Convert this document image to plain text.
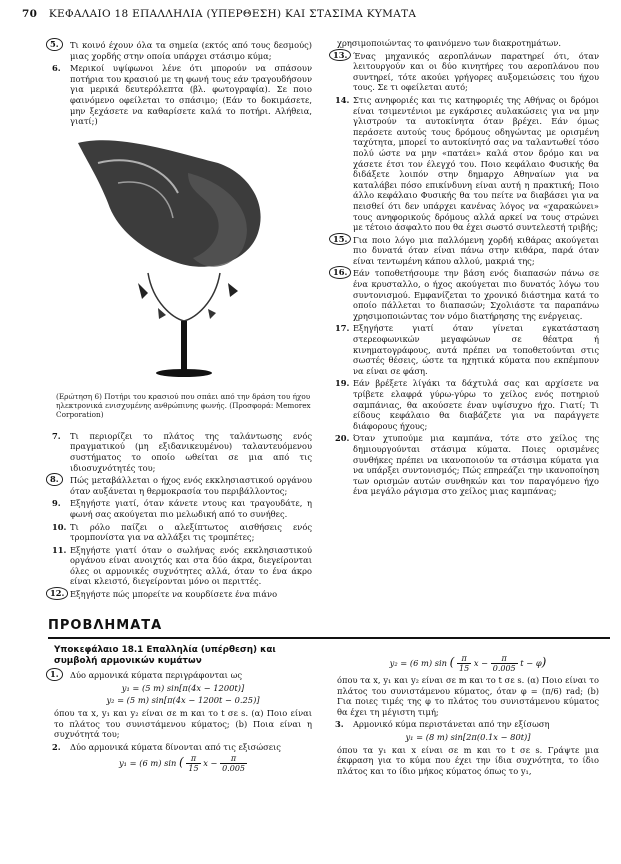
70 ΚΕΦΑΛΑΙΟ 18 ΕΠΑΛΛΗΛΙΑ (ΥΠΕΡΘΕΣΗ) ΚΑΙ ΣΤΑΣΙΜΑ ΚΥΜΑΤΑ
5.	Τι κοινό έχουν όλα τα σημεία (εκτός από τους δεσμούς) μιας χορδής στην οποία υπάρχει στάσιμο κύμα;
6. Μερικοί υψίφωνοι λένε ότι μπορούν να σπάσουν ποτήρια του κρασιού με τη φωνή τους εάν τραγουδήσουν για μερικά δευτερόλεπτα (βλ. φωτογραφία). Σε ποιο φαινόμενο οφείλεται το σπάσιμο; (Εάν το δοκιμάσετε, μην ξεχάσετε να καθαρίσετε καλά το ποτήρι. Αλήθεια, γιατί;)
(Ερώτηση 6) Ποτήρι του κρασιού που σπάει από την δράση του ήχου ηλεκτρονικά ενισχυμένης ανθρώπινης φωνής. (Προσφορά: Memorex Corporation)
7. Τι περιορίζει το πλάτος της ταλάντωσης ενός πραγματικού (μη εξιδανικευμένου) ταλαντευόμενου συστήματος το οποίο ωθείται σε μια από τις ιδιοσυχνότητές του;
8.	Πώς μεταβάλλεται ο ήχος ενός εκκλησιαστικού οργάνου όταν αυξάνεται η θερμοκρασία του περιβάλλοντος;
9. Εξηγήστε γιατί, όταν κάνετε ντους και τραγουδάτε, η φωνή σας ακούγεται πιο μελωδική από το συνήθες.
10. Τι ρόλο παίζει ο αλεξίπτωτος αισθήσεις ενός τρομπονίστα για να αλλάξει τις τρομπέτες;
11. Εξηγήστε γιατί όταν ο σωλήνας ενός εκκλησιαστικού οργάνου είναι ανοιχτός και στα δύο άκρα, διεγείρονται όλες οι αρμονικές συχνότητες αλλά, όταν το ένα άκρο είναι κλειστό, διεγείρονται μόνο οι περιττές.
12. Εξηγήστε πώς μπορείτε να κουρδίσετε ένα πιάνο
χρησιμοποιώντας το φαινόμενο των διακροτημάτων.
13. Ένας μηχανικός αεροπλάνων παρατηρεί ότι, όταν λειτουργούν και οι δύο κινητήρες του αεροπλάνου που συντηρεί, τότε ακούει γρήγορες αυξομειώσεις του ήχου τους. Σε τι οφείλεται αυτό;
14. Στις ανηφοριές και τις κατηφοριές της Αθήνας οι δρόμοι είναι τσιμεντένιοι με εγκάρσιες αυλακώσεις για να μην γλιστρούν τα αυτοκίνητα όταν βρέχει. Εάν όμως περάσετε αυτούς τους δρόμους οδηγώντας με ορισμένη ταχύτητα, μπορεί το αυτοκίνητό σας να ταλαντωθεί τόσο πολύ ώστε να μην «πατάει» καλά στον δρόμο και να χάσετε έτσι τον έλεγχό του. Ποιο κεφάλαιο Φυσικής θα διδάξετε λοιπόν στην δημαρχο Αθηναίων για να καταλάβει πόσο επικίνδυνη είναι αυτή η πρακτική; Ποιο άλλο κεφάλαιο Φυσικής θα του πείτε να διαβάσει για να πεισθεί ότι δεν υπάρχει κανένας λόγος να «χαρακώνει» τους ανηφορικούς δρόμους αλλά αρκεί να τους στρώνει με τέτοιο άσφαλτο που θα έχει σωστό συντελεστή τριβής;
15. Για ποιο λόγο μια παλλόμενη χορδή κιθάρας ακούγεται πιο δυνατά όταν είναι πάνω στην κιθάρα, παρά όταν είναι τεντωμένη κάπου αλλού, μακριά της;
16. Εάν τοποθετήσουμε την βάση ενός διαπασών πάνω σε ένα κρυσταλλο, ο ήχος ακούγεται πιο δυνατός λόγω του συντονισμού. Εμφανίζεται το χρονικό διάστημα κατά το οποίο πάλλεται το διαπασών; Σχολιάστε τα παραπάνω χρησιμοποιώντας τον νόμο διατήρησης της ενέργειας.
17. Εξηγήστε γιατί όταν γίνεται εγκατάσταση στερεοφωνικών μεγαφώνων σε θέατρα ή κινηματογράφους, αυτά πρέπει να τοποθετούνται στις σωστές θέσεις, ώστε τα ηχητικά κύματα που εκπέμπουν να είναι σε φάση.
19. Εάν βρέξετε λίγάκι τα δάχτυλά σας και αρχίσετε να τρίβετε ελαφρά γύρω-γύρω το χείλος ενός ποτηριού σαμπάνιας, θα ακούσετε έναν υψίσυχνο ήχο. Γιατί; Τι είδους κεφάλαιο θα διαβάζετε για να παράγγετε διάφορους ήχους;
20. Όταν χτυπούμε μια καμπάνα, τότε στο χείλος της δημιουργούνται στάσιμα κύματα. Ποιες ορισμένες συνθήκες πρέπει να ικανοποιούν τα στάσιμα κύματα για να υπάρξει συντονισμός; Πώς επηρεάζει την ικανοποίηση των ορισμών αυτών συνθηκών και τον παραγόμενο ήχο ένα μεγάλο ράγισμα στο χείλος μιας καμπάνας;
ΠΡΟΒΛΗΜΑΤΑ
Υποκεφάλαιο 18.1 Επαλληλία (υπέρθεση) και συμβολή αρμονικών κυμάτων
1.	Δύο αρμονικά κύματα περιγράφονται ως
y₁ = (5 m) sin[π(4x − 1200t)]
y₂ = (5 m) sin[π(4x − 1200t − 0.25)]
όπου τα x, y₁ και y₂ είναι σε m και το t σε s. (α) Ποιο είναι το πλάτος του συνιστάμενου κύματος; (b) Ποια είναι η συχνότητά του;
2. Δύο αρμονικά κύματα δίνονται από τις εξισώσεις
y₁ = (6 m) sin ( $\frac{\pi}{15}$ $x - \frac{\pi}{0.005}$
y₂ = (6 m) sin ( $\frac{\pi}{15}$ $x - \frac{\pi}{0.005}$ t − φ)
όπου τα x, y₁ και y₂ είναι σε m και το t σε s. (α) Ποιο είναι το πλάτος του συνιστάμενου κύματος, όταν φ = (π/6) rad; (b) Για ποιες τιμές της φ το πλάτος του συνιστάμενου κύματος θα έχει τη μέγιστη τιμή;
3. Αρμονικό κύμα περιστάνεται από την εξίσωση
y₁ = (8 m) sin[2π(0.1x − 80t)]
όπου τα y₁ και x είναι σε m και το t σε s. Γράψτε μια έκφραση για το κύμα που έχει την ίδια συχνότητα, το ίδιο πλάτος και το ίδιο μήκος κύματος όπως το y₁,
